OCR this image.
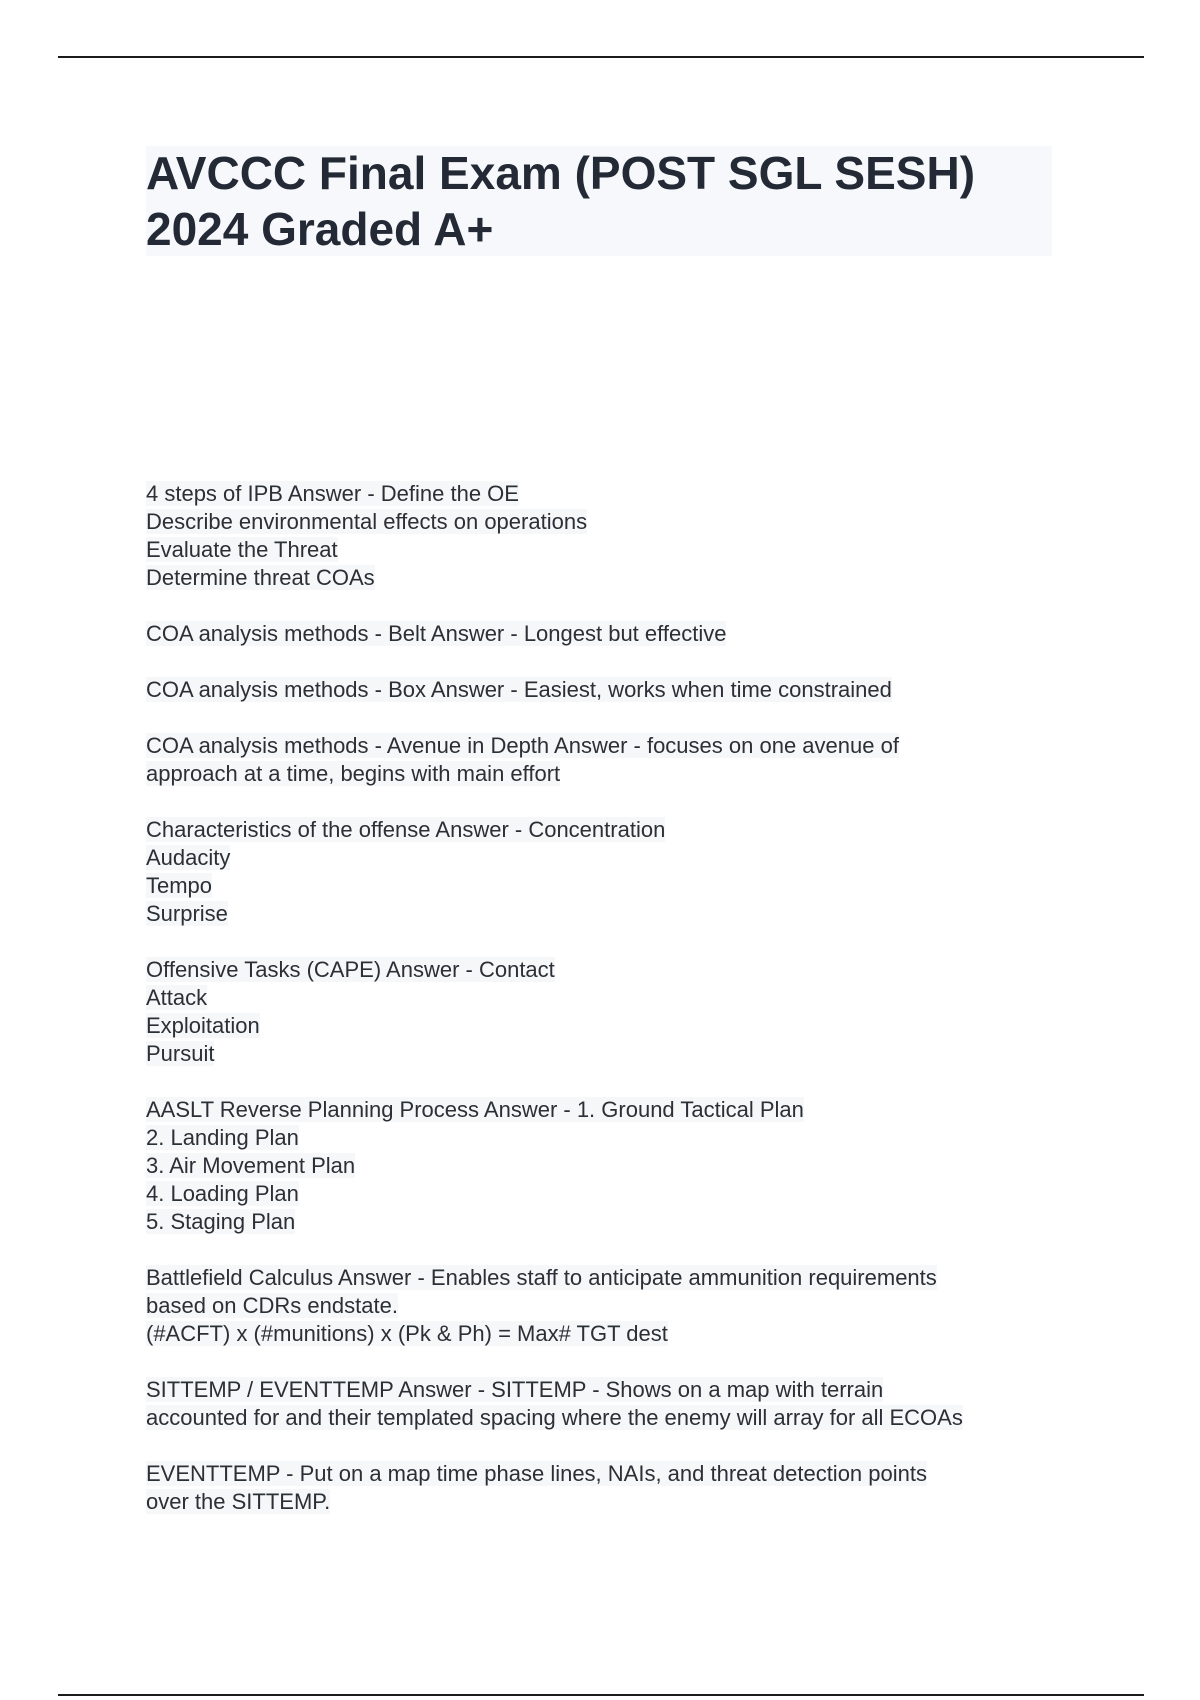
AVCCC Final Exam (POST SGL SESH)
2024 Graded A+
4 steps of IPB Answer - Define the OE
Describe environmental effects on operations
Evaluate the Threat
Determine threat COAs
COA analysis methods - Belt Answer - Longest but effective
COA analysis methods - Box Answer - Easiest, works when time constrained
COA analysis methods - Avenue in Depth Answer - focuses on one avenue of
approach at a time, begins with main effort
Characteristics of the offense Answer - Concentration
Audacity
Tempo
Surprise
Offensive Tasks (CAPE) Answer - Contact
Attack
Exploitation
Pursuit
AASLT Reverse Planning Process Answer - 1. Ground Tactical Plan
2. Landing Plan
3. Air Movement Plan
4. Loading Plan
5. Staging Plan
Battlefield Calculus Answer - Enables staff to anticipate ammunition requirements
based on CDRs endstate.
(#ACFT) x (#munitions) x (Pk & Ph) = Max# TGT dest
SITTEMP / EVENTTEMP Answer - SITTEMP - Shows on a map with terrain
accounted for and their templated spacing where the enemy will array for all ECOAs
EVENTTEMP - Put on a map time phase lines, NAIs, and threat detection points
over the SITTEMP.
